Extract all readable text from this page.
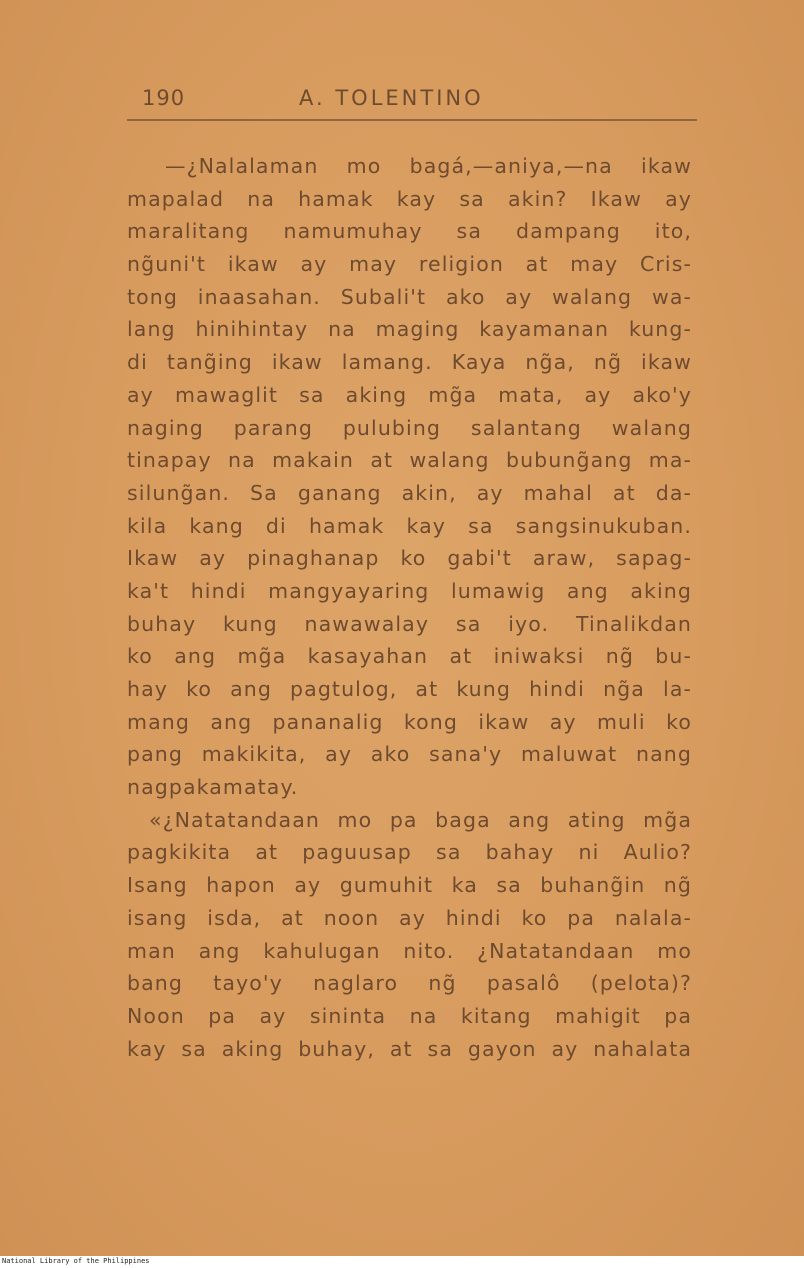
190	A. TOLENTINO
—¿Nalalaman mo bagá,—aniya,—na ikaw
mapalad na hamak kay sa akin? Ikaw ay
maralitang namumuhay sa dampang ito,
ng̃uni't ikaw ay may religion at may Cris-
tong inaasahan. Subali't ako ay walang wa-
lang hinihintay na maging kayamanan kung-
di tang̃ing ikaw lamang. Kaya ng̃a, ng̃ ikaw
ay mawaglit sa aking mg̃a mata, ay ako'y
naging parang pulubing salantang walang
tinapay na makain at walang bubung̃ang ma-
silung̃an. Sa ganang akin, ay mahal at da-
kila kang di hamak kay sa sangsinukuban.
Ikaw ay pinaghanap ko gabi't araw, sapag-
ka't hindi mangyayaring lumawig ang aking
buhay kung nawawalay sa iyo. Tinalikdan
ko ang mg̃a kasayahan at iniwaksi ng̃ bu-
hay ko ang pagtulog, at kung hindi ng̃a la-
mang ang pananalig kong ikaw ay muli ko
pang makikita, ay ako sana'y maluwat nang
nagpakamatay.
«¿Natatandaan mo pa baga ang ating mg̃a
pagkikita at paguusap sa bahay ni Aulio?
Isang hapon ay gumuhit ka sa buhang̃in ng̃
isang isda, at noon ay hindi ko pa nalala-
man ang kahulugan nito. ¿Natatandaan mo
bang tayo'y naglaro ng̃ pasalô (pelota)?
Noon pa ay sininta na kitang mahigit pa
kay sa aking buhay, at sa gayon ay nahalata
National Library of the Philippines
